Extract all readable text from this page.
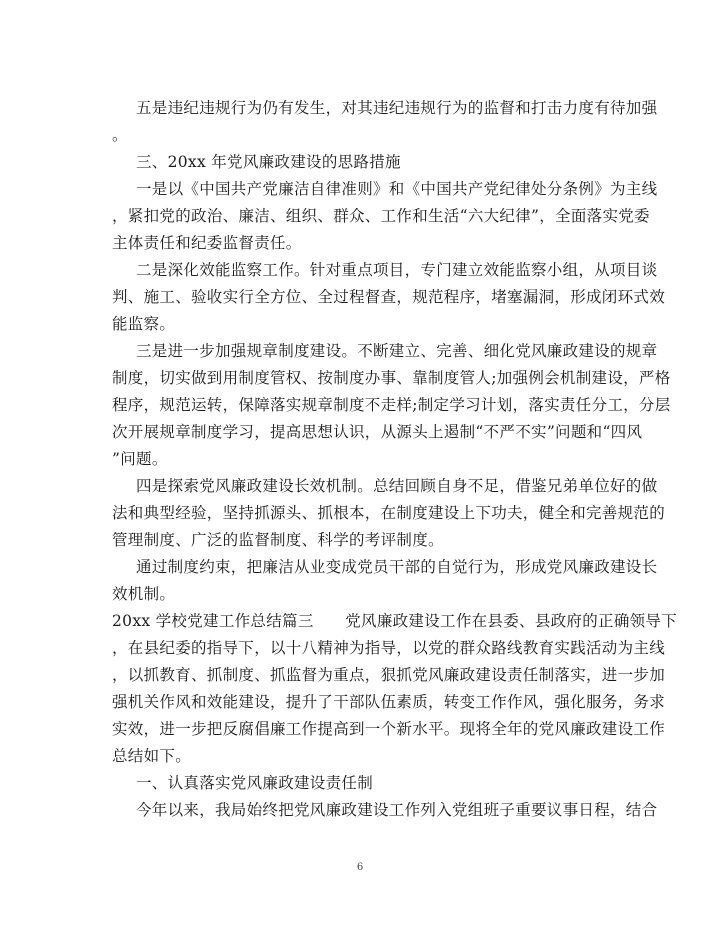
五是违纪违规行为仍有发生，对其违纪违规行为的监督和打击力度有待加强
。
三、20xx 年党风廉政建设的思路措施
一是以《中国共产党廉洁自律准则》和《中国共产党纪律处分条例》为主线
，紧扣党的政治、廉洁、组织、群众、工作和生活“六大纪律”，全面落实党委
主体责任和纪委监督责任。
二是深化效能监察工作。针对重点项目，专门建立效能监察小组，从项目谈
判、施工、验收实行全方位、全过程督查，规范程序，堵塞漏洞，形成闭环式效
能监察。
三是进一步加强规章制度建设。不断建立、完善、细化党风廉政建设的规章
制度，切实做到用制度管权、按制度办事、靠制度管人;加强例会机制建设，严格
程序，规范运转，保障落实规章制度不走样;制定学习计划，落实责任分工，分层
次开展规章制度学习，提高思想认识，从源头上遏制“不严不实”问题和“四风
”问题。
四是探索党风廉政建设长效机制。总结回顾自身不足，借鉴兄弟单位好的做
法和典型经验，坚持抓源头、抓根本，在制度建设上下功夫，健全和完善规范的
管理制度、广泛的监督制度、科学的考评制度。
通过制度约束，把廉洁从业变成党员干部的自觉行为，形成党风廉政建设长
效机制。
20xx 学校党建工作总结篇三　　党风廉政建设工作在县委、县政府的正确领导下
，在县纪委的指导下，以十八精神为指导，以党的群众路线教育实践活动为主线
，以抓教育、抓制度、抓监督为重点，狠抓党风廉政建设责任制落实，进一步加
强机关作风和效能建设，提升了干部队伍素质，转变工作作风，强化服务，务求
实效，进一步把反腐倡廉工作提高到一个新水平。现将全年的党风廉政建设工作
总结如下。
一、认真落实党风廉政建设责任制
今年以来，我局始终把党风廉政建设工作列入党组班子重要议事日程，结合
6
